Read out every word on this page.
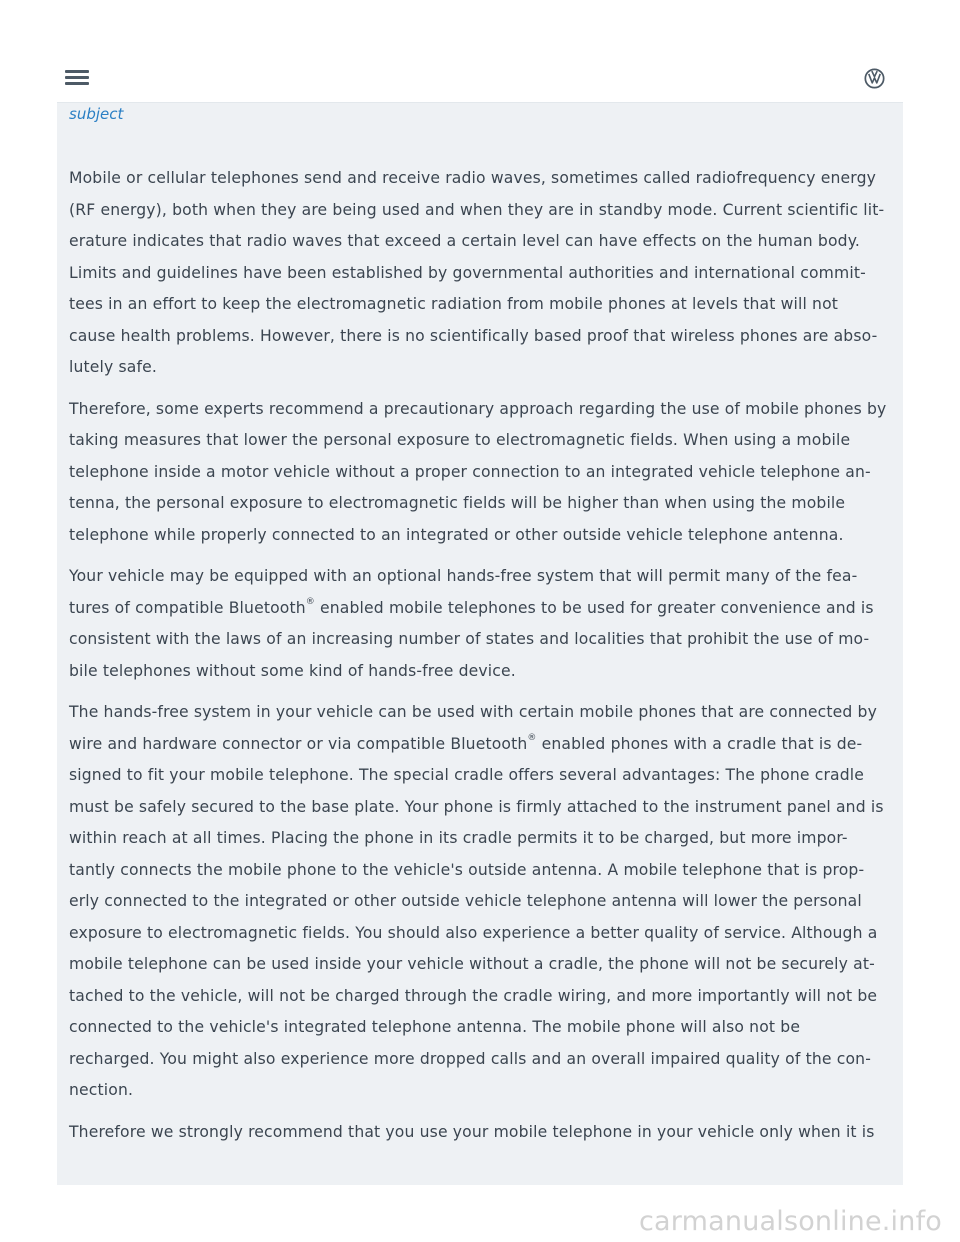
subject
Mobile or cellular telephones send and receive radio waves, sometimes called radiofrequency energy
(RF energy), both when they are being used and when they are in standby mode. Current scientific lit-
erature indicates that radio waves that exceed a certain level can have effects on the human body.
Limits and guidelines have been established by governmental authorities and international commit-
tees in an effort to keep the electromagnetic radiation from mobile phones at levels that will not
cause health problems. However, there is no scientifically based proof that wireless phones are abso-
lutely safe.
Therefore, some experts recommend a precautionary approach regarding the use of mobile phones by
taking measures that lower the personal exposure to electromagnetic fields. When using a mobile
telephone inside a motor vehicle without a proper connection to an integrated vehicle telephone an-
tenna, the personal exposure to electromagnetic fields will be higher than when using the mobile
telephone while properly connected to an integrated or other outside vehicle telephone antenna.
Your vehicle may be equipped with an optional hands-free system that will permit many of the fea-
tures of compatible Bluetooth® enabled mobile telephones to be used for greater convenience and is
consistent with the laws of an increasing number of states and localities that prohibit the use of mo-
bile telephones without some kind of hands-free device.
The hands-free system in your vehicle can be used with certain mobile phones that are connected by
wire and hardware connector or via compatible Bluetooth® enabled phones with a cradle that is de-
signed to fit your mobile telephone. The special cradle offers several advantages: The phone cradle
must be safely secured to the base plate. Your phone is firmly attached to the instrument panel and is
within reach at all times. Placing the phone in its cradle permits it to be charged, but more impor-
tantly connects the mobile phone to the vehicle's outside antenna. A mobile telephone that is prop-
erly connected to the integrated or other outside vehicle telephone antenna will lower the personal
exposure to electromagnetic fields. You should also experience a better quality of service. Although a
mobile telephone can be used inside your vehicle without a cradle, the phone will not be securely at-
tached to the vehicle, will not be charged through the cradle wiring, and more importantly will not be
connected to the vehicle's integrated telephone antenna. The mobile phone will also not be
recharged. You might also experience more dropped calls and an overall impaired quality of the con-
nection.
Therefore we strongly recommend that you use your mobile telephone in your vehicle only when it is
carmanualsonline.info
